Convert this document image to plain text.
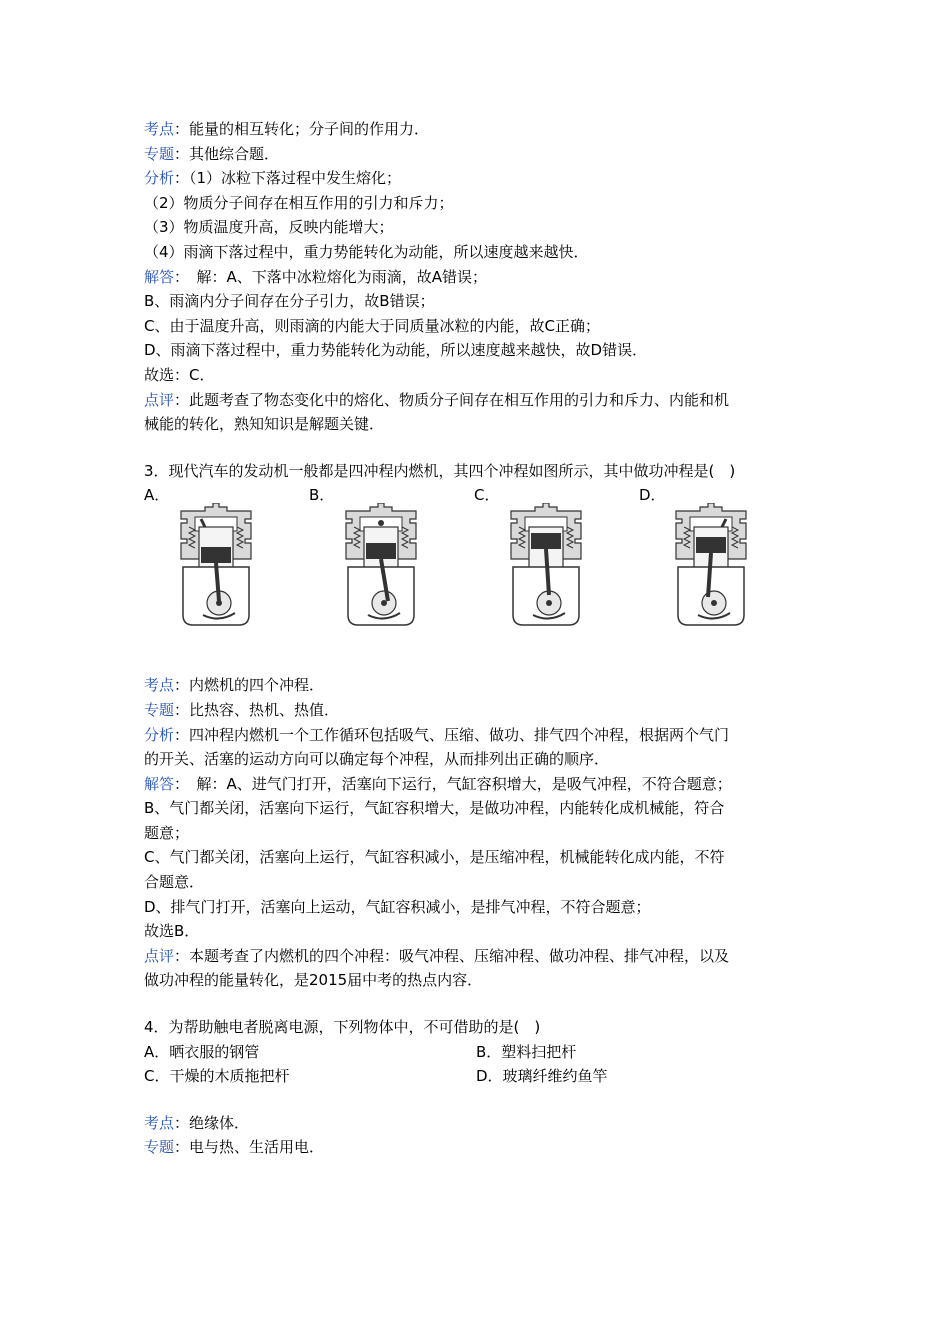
考点：能量的相互转化；分子间的作用力．
专题：其他综合题．
分析：（1）冰粒下落过程中发生熔化；
（2）物质分子间存在相互作用的引力和斥力；
（3）物质温度升高，反映内能增大；
（4）雨滴下落过程中，重力势能转化为动能，所以速度越来越快．
解答：　解：A、下落中冰粒熔化为雨滴，故A错误；
B、雨滴内分子间存在分子引力，故B错误；
C、由于温度升高，则雨滴的内能大于同质量冰粒的内能，故C正确；
D、雨滴下落过程中，重力势能转化为动能，所以速度越来越快，故D错误．
故选：C．
点评：此题考查了物态变化中的熔化、物质分子间存在相互作用的引力和斥力、内能和机
械能的转化，熟知知识是解题关键．
3．现代汽车的发动机一般都是四冲程内燃机，其四个冲程如图所示，其中做功冲程是(　)
A．	B．	C．	D．
考点：内燃机的四个冲程．
专题：比热容、热机、热值．
分析：四冲程内燃机一个工作循环包括吸气、压缩、做功、排气四个冲程，根据两个气门
的开关、活塞的运动方向可以确定每个冲程，从而排列出正确的顺序．
解答：　解：A、进气门打开，活塞向下运行，气缸容积增大，是吸气冲程，不符合题意；
B、气门都关闭，活塞向下运行，气缸容积增大，是做功冲程，内能转化成机械能，符合
题意；
C、气门都关闭，活塞向上运行，气缸容积减小，是压缩冲程，机械能转化成内能，不符
合题意．
D、排气门打开，活塞向上运动，气缸容积减小，是排气冲程，不符合题意；
故选B．
点评：本题考查了内燃机的四个冲程：吸气冲程、压缩冲程、做功冲程、排气冲程，以及
做功冲程的能量转化，是2015届中考的热点内容．
4．为帮助触电者脱离电源，下列物体中，不可借助的是(　)
A．晒衣服的钢管	B．塑料扫把杆
C．干燥的木质拖把杆	D．玻璃纤维约鱼竿
考点：绝缘体．
专题：电与热、生活用电．
